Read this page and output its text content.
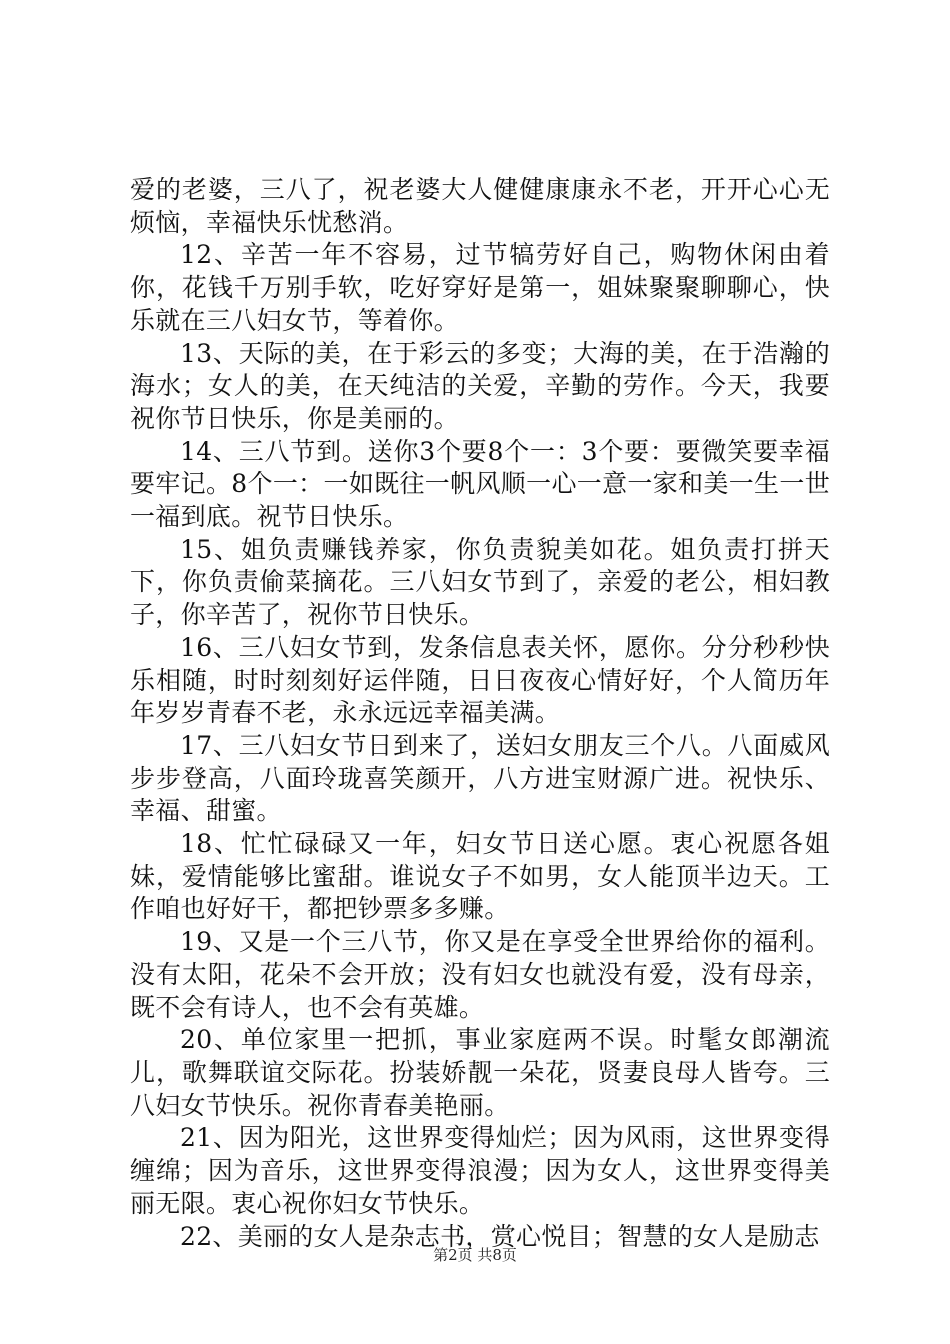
爱的老婆，三八了，祝老婆大人健健康康永不老，开开心心无烦恼，幸福快乐忧愁消。

12、辛苦一年不容易，过节犒劳好自己，购物休闲由着你，花钱千万别手软，吃好穿好是第一，姐妹聚聚聊聊心，快乐就在三八妇女节，等着你。

13、天际的美，在于彩云的多变；大海的美，在于浩瀚的海水；女人的美，在天纯洁的关爱，辛勤的劳作。今天，我要祝你节日快乐，你是美丽的。

14、三八节到。送你3个要8个一：3个要：要微笑要幸福要牢记。8个一：一如既往一帆风顺一心一意一家和美一生一世一福到底。祝节日快乐。

15、姐负责赚钱养家，你负责貌美如花。姐负责打拼天下，你负责偷菜摘花。三八妇女节到了，亲爱的老公，相妇教子，你辛苦了，祝你节日快乐。

16、三八妇女节到，发条信息表关怀，愿你。分分秒秒快乐相随，时时刻刻好运伴随，日日夜夜心情好好，个人简历年年岁岁青春不老，永永远远幸福美满。

17、三八妇女节日到来了，送妇女朋友三个八。八面威风步步登高，八面玲珑喜笑颜开，八方进宝财源广进。祝快乐、幸福、甜蜜。

18、忙忙碌碌又一年，妇女节日送心愿。衷心祝愿各姐妹，爱情能够比蜜甜。谁说女子不如男，女人能顶半边天。工作咱也好好干，都把钞票多多赚。

19、又是一个三八节，你又是在享受全世界给你的福利。没有太阳，花朵不会开放；没有妇女也就没有爱，没有母亲，既不会有诗人，也不会有英雄。

20、单位家里一把抓，事业家庭两不误。时髦女郎潮流儿，歌舞联谊交际花。扮装娇靓一朵花，贤妻良母人皆夸。三八妇女节快乐。祝你青春美艳丽。

21、因为阳光，这世界变得灿烂；因为风雨，这世界变得缠绵；因为音乐，这世界变得浪漫；因为女人，这世界变得美丽无限。衷心祝你妇女节快乐。

22、美丽的女人是杂志书，赏心悦目；智慧的女人是励志

第2页 共8页
